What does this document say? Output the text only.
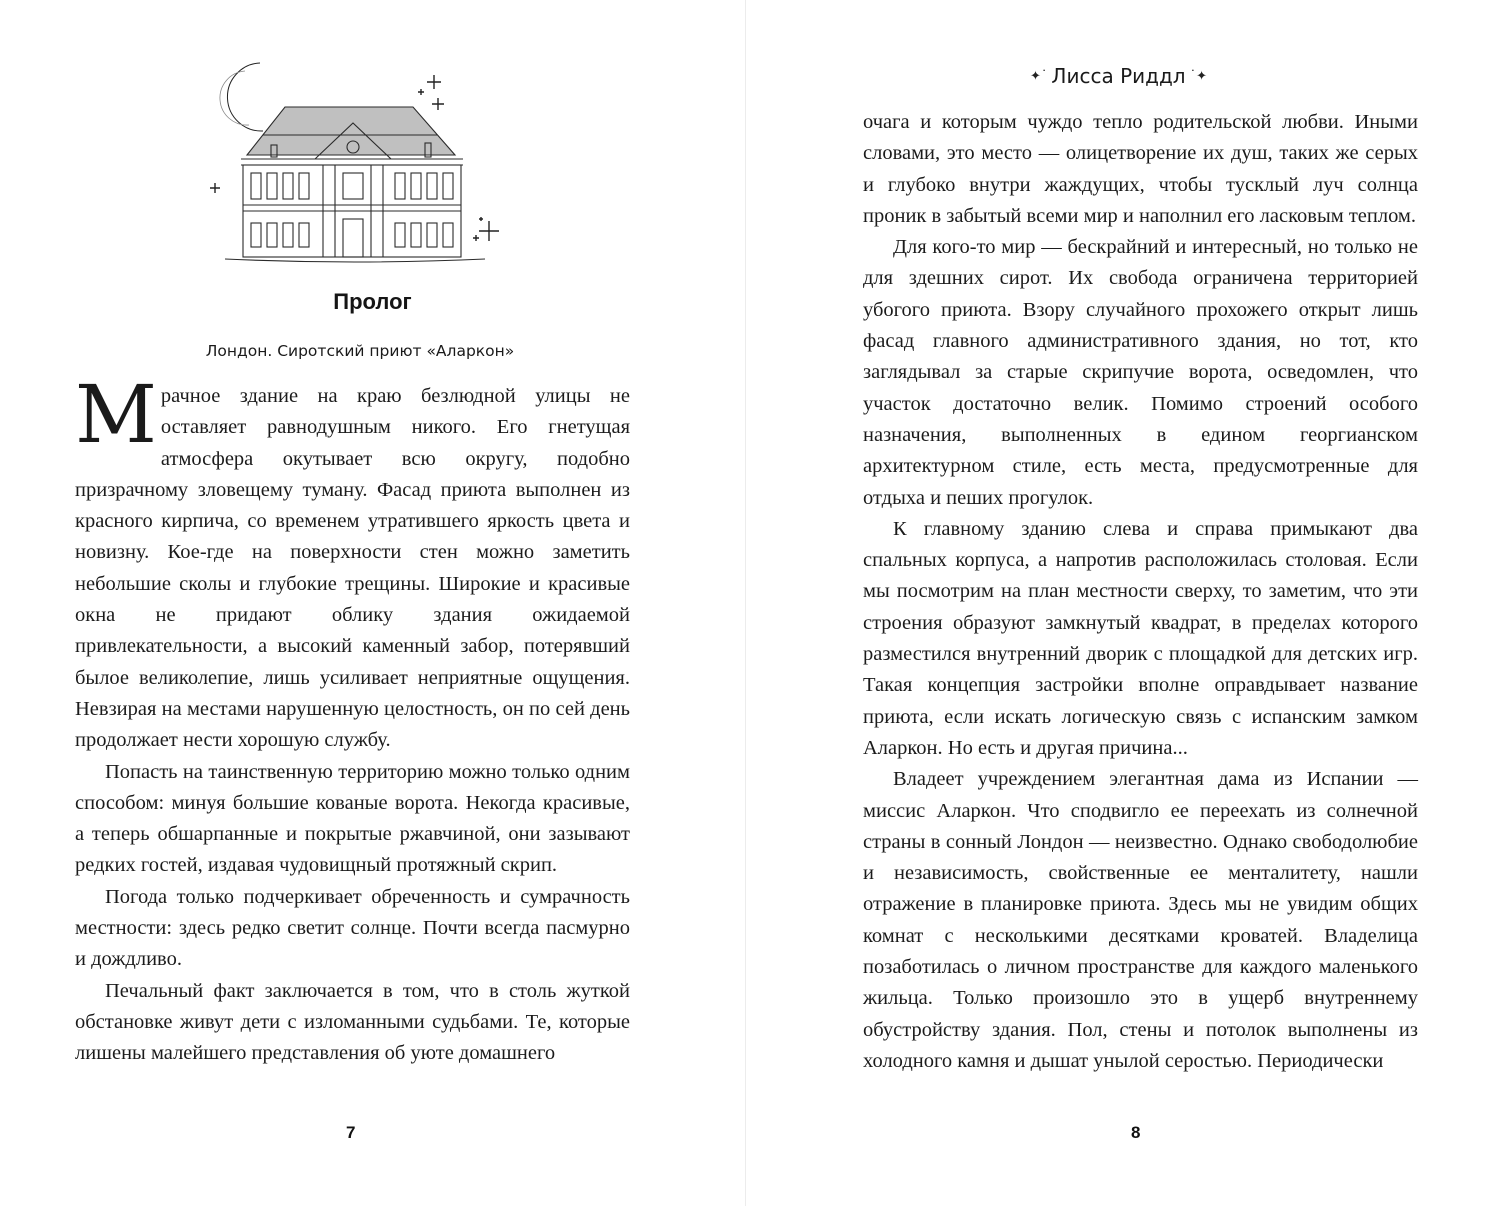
Пролог
Лондон. Сиротский приют «Аларкон»

Мрачное здание на краю безлюдной улицы не оставляет равнодушным никого. Его гнетущая атмосфера окутывает всю округу, подобно призрачному зловещему туману. Фасад приюта выполнен из красного кирпича, со временем утратившего яркость цвета и новизну. Кое-где на поверхности стен можно заметить небольшие сколы и глубокие трещины. Широкие и красивые окна не придают облику здания ожидаемой привлекательности, а высокий каменный забор, потерявший былое великолепие, лишь усиливает неприятные ощущения. Невзирая на местами нарушенную целостность, он по сей день продолжает нести хорошую службу.

Попасть на таинственную территорию можно только одним способом: минуя большие кованые ворота. Некогда красивые, а теперь обшарпанные и покрытые ржавчиной, они зазывают редких гостей, издавая чудовищный протяжный скрип.

Погода только подчеркивает обреченность и сумрачность местности: здесь редко светит солнце. Почти всегда пасмурно и дождливо.

Печальный факт заключается в том, что в столь жуткой обстановке живут дети с изломанными судьбами. Те, которые лишены малейшего представления об уюте домашнего

7
✦˙ Лисса Риддл ˙✦

очага и которым чуждо тепло родительской любви. Иными словами, это место — олицетворение их душ, таких же серых и глубоко внутри жаждущих, чтобы тусклый луч солнца проник в забытый всеми мир и наполнил его ласковым теплом.

Для кого-то мир — бескрайний и интересный, но только не для здешних сирот. Их свобода ограничена территорией убогого приюта. Взору случайного прохожего открыт лишь фасад главного административного здания, но тот, кто заглядывал за старые скрипучие ворота, осведомлен, что участок достаточно велик. Помимо строений особого назначения, выполненных в едином георгианском архитектурном стиле, есть места, предусмотренные для отдыха и пеших прогулок.

К главному зданию слева и справа примыкают два спальных корпуса, а напротив расположилась столовая. Если мы посмотрим на план местности сверху, то заметим, что эти строения образуют замкнутый квадрат, в пределах которого разместился внутренний дворик с площадкой для детских игр. Такая концепция застройки вполне оправдывает название приюта, если искать логическую связь с испанским замком Аларкон. Но есть и другая причина...

Владеет учреждением элегантная дама из Испании — миссис Аларкон. Что сподвигло ее переехать из солнечной страны в сонный Лондон — неизвестно. Однако свободолюбие и независимость, свойственные ее менталитету, нашли отражение в планировке приюта. Здесь мы не увидим общих комнат с несколькими десятками кроватей. Владелица позаботилась о личном пространстве для каждого маленького жильца. Только произошло это в ущерб внутреннему обустройству здания. Пол, стены и потолок выполнены из холодного камня и дышат унылой серостью. Периодически

8
